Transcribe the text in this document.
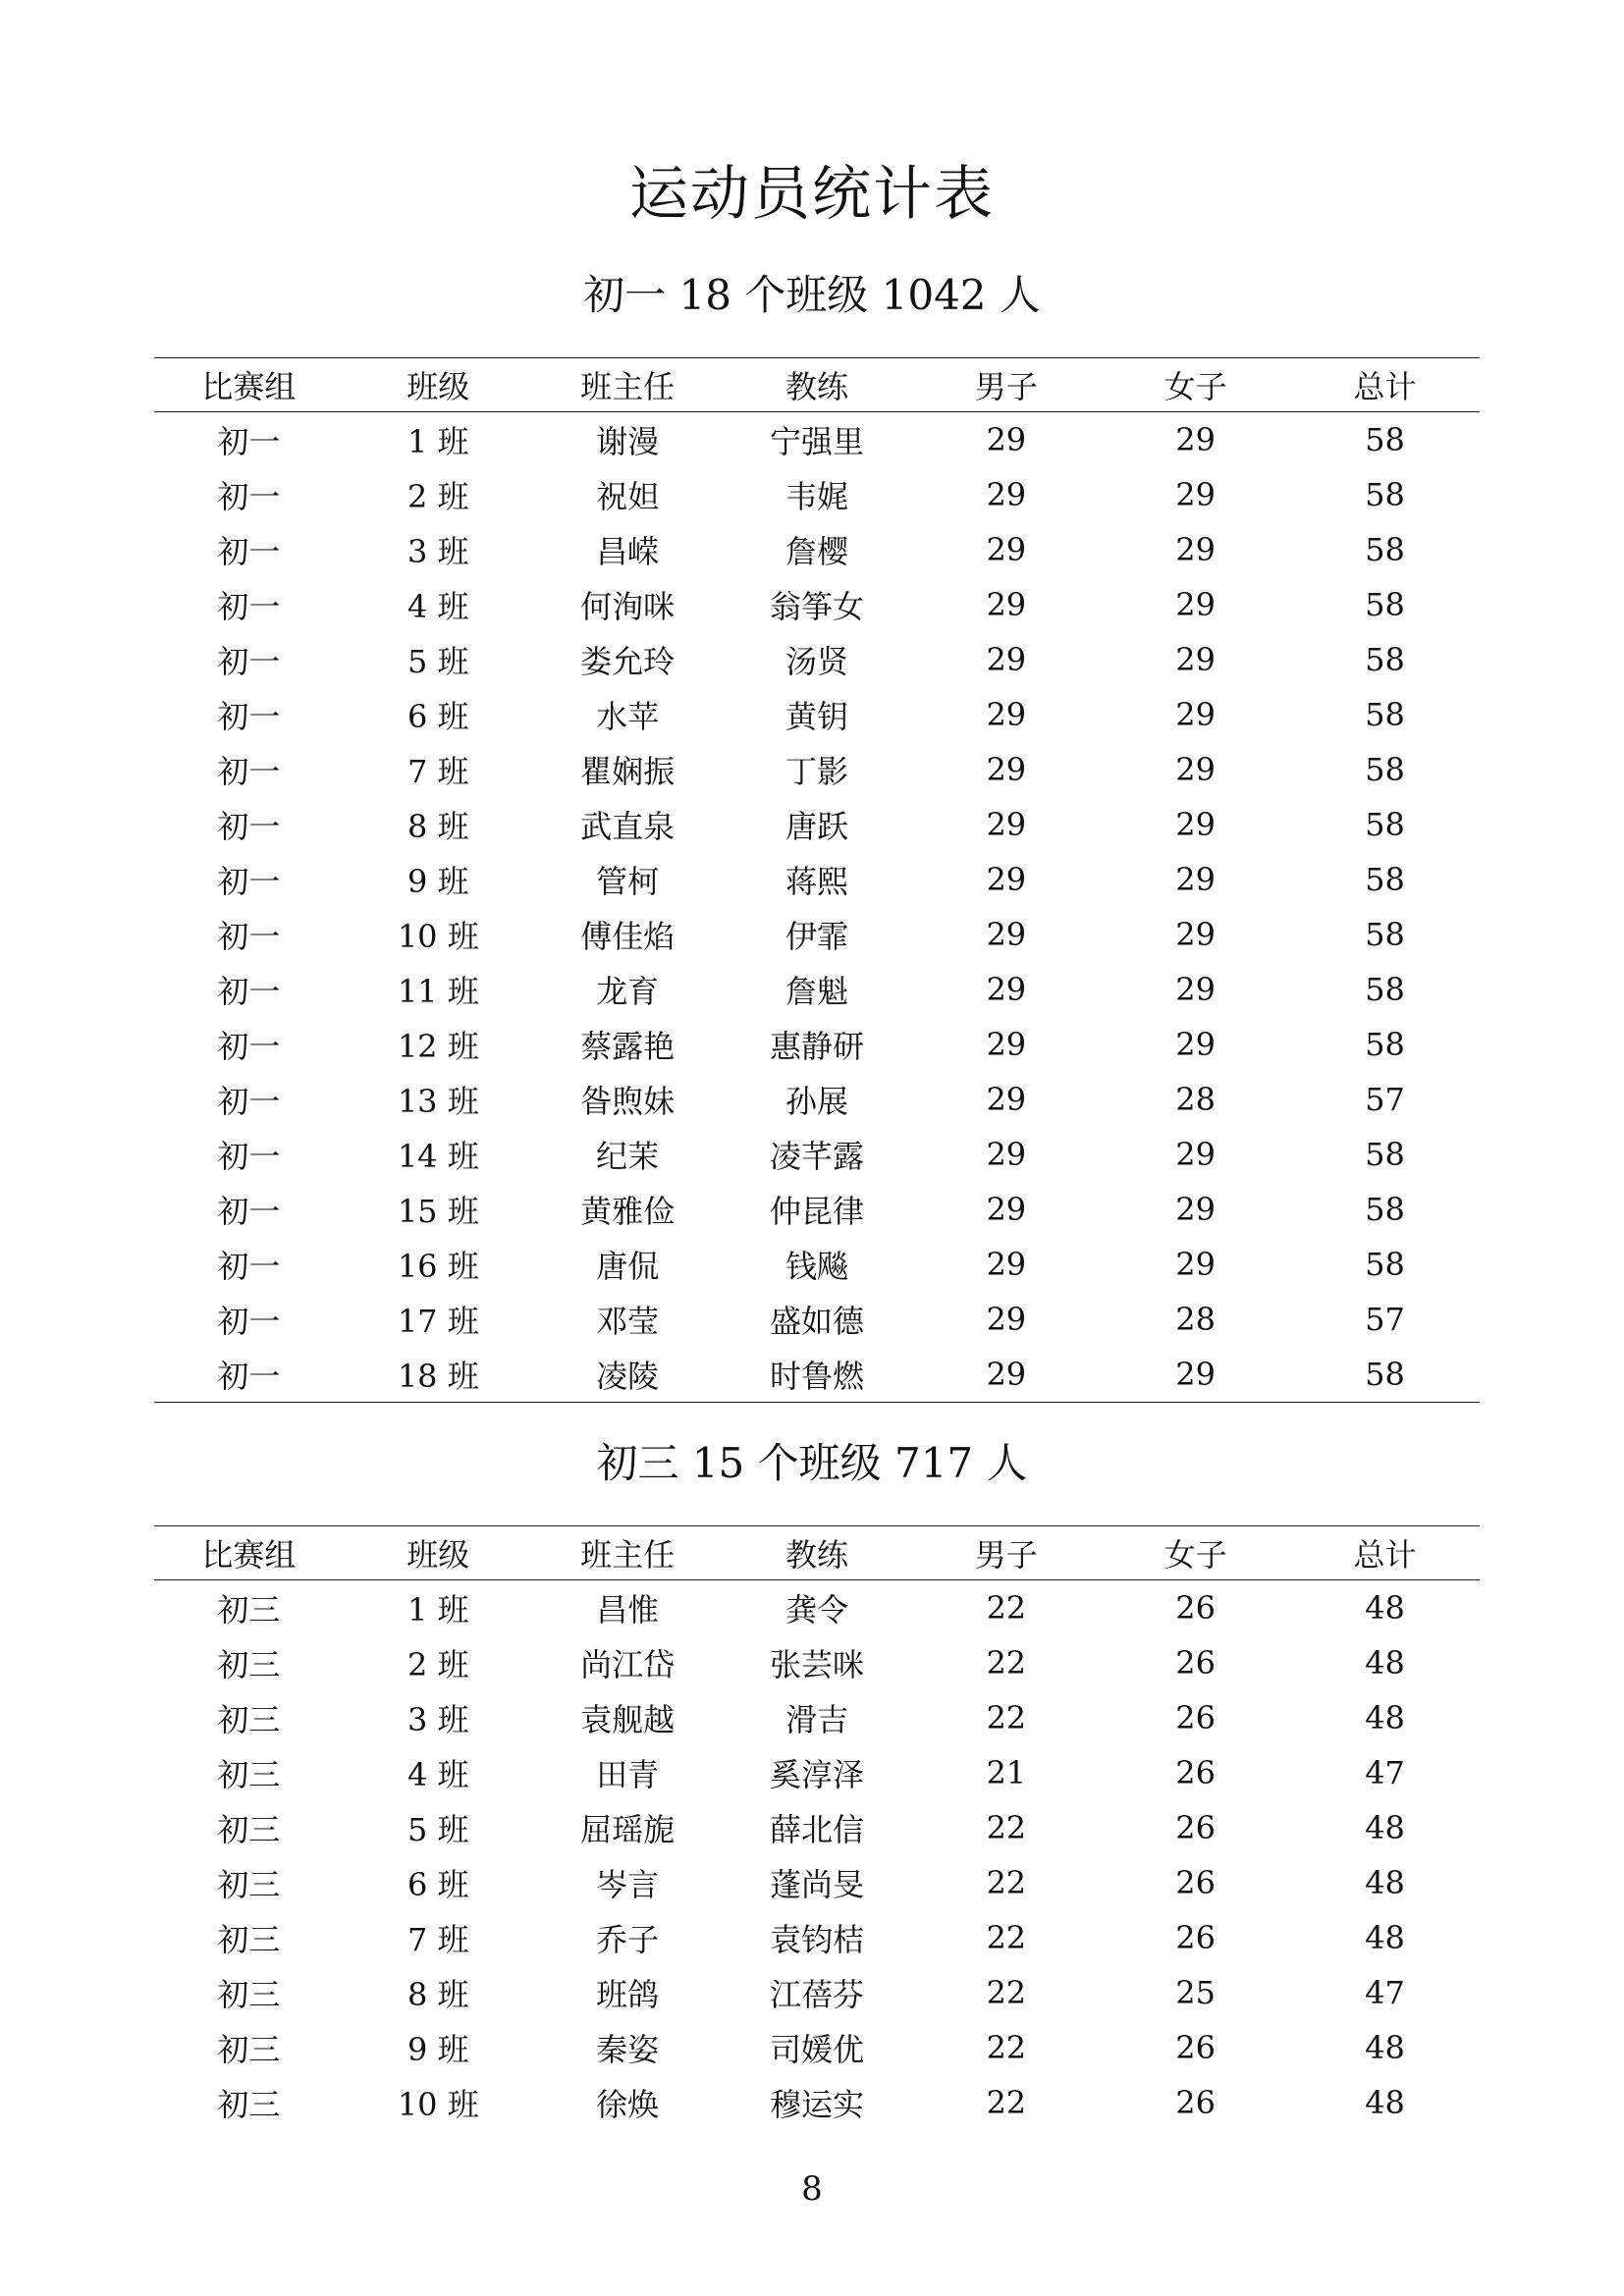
运动员统计表
初一 18 个班级 1042 人
比赛组	班级	班主任	教练	男子	女子	总计
初一	1 班	谢漫	宁强里	29	29	58
初一	2 班	祝妲	韦娓	29	29	58
初一	3 班	昌嵘	詹樱	29	29	58
初一	4 班	何洵咪	翁筝女	29	29	58
初一	5 班	娄允玲	汤贤	29	29	58
初一	6 班	水苹	黄钥	29	29	58
初一	7 班	瞿娴振	丁影	29	29	58
初一	8 班	武直泉	唐跃	29	29	58
初一	9 班	管柯	蒋熙	29	29	58
初一	10 班	傅佳焰	伊霏	29	29	58
初一	11 班	龙育	詹魁	29	29	58
初一	12 班	蔡露艳	惠静研	29	29	58
初一	13 班	昝煦妹	孙展	29	28	57
初一	14 班	纪茉	凌芊露	29	29	58
初一	15 班	黄雅俭	仲昆律	29	29	58
初一	16 班	唐侃	钱飚	29	29	58
初一	17 班	邓莹	盛如德	29	28	57
初一	18 班	凌陵	时鲁燃	29	29	58
初三 15 个班级 717 人
比赛组	班级	班主任	教练	男子	女子	总计
初三	1 班	昌惟	龚令	22	26	48
初三	2 班	尚江岱	张芸咪	22	26	48
初三	3 班	袁舰越	滑吉	22	26	48
初三	4 班	田青	奚淳泽	21	26	47
初三	5 班	屈瑶旎	薛北信	22	26	48
初三	6 班	岑言	蓬尚旻	22	26	48
初三	7 班	乔子	袁钧桔	22	26	48
初三	8 班	班鸽	江蓓芬	22	25	47
初三	9 班	秦姿	司媛优	22	26	48
初三	10 班	徐焕	穆运实	22	26	48
8
